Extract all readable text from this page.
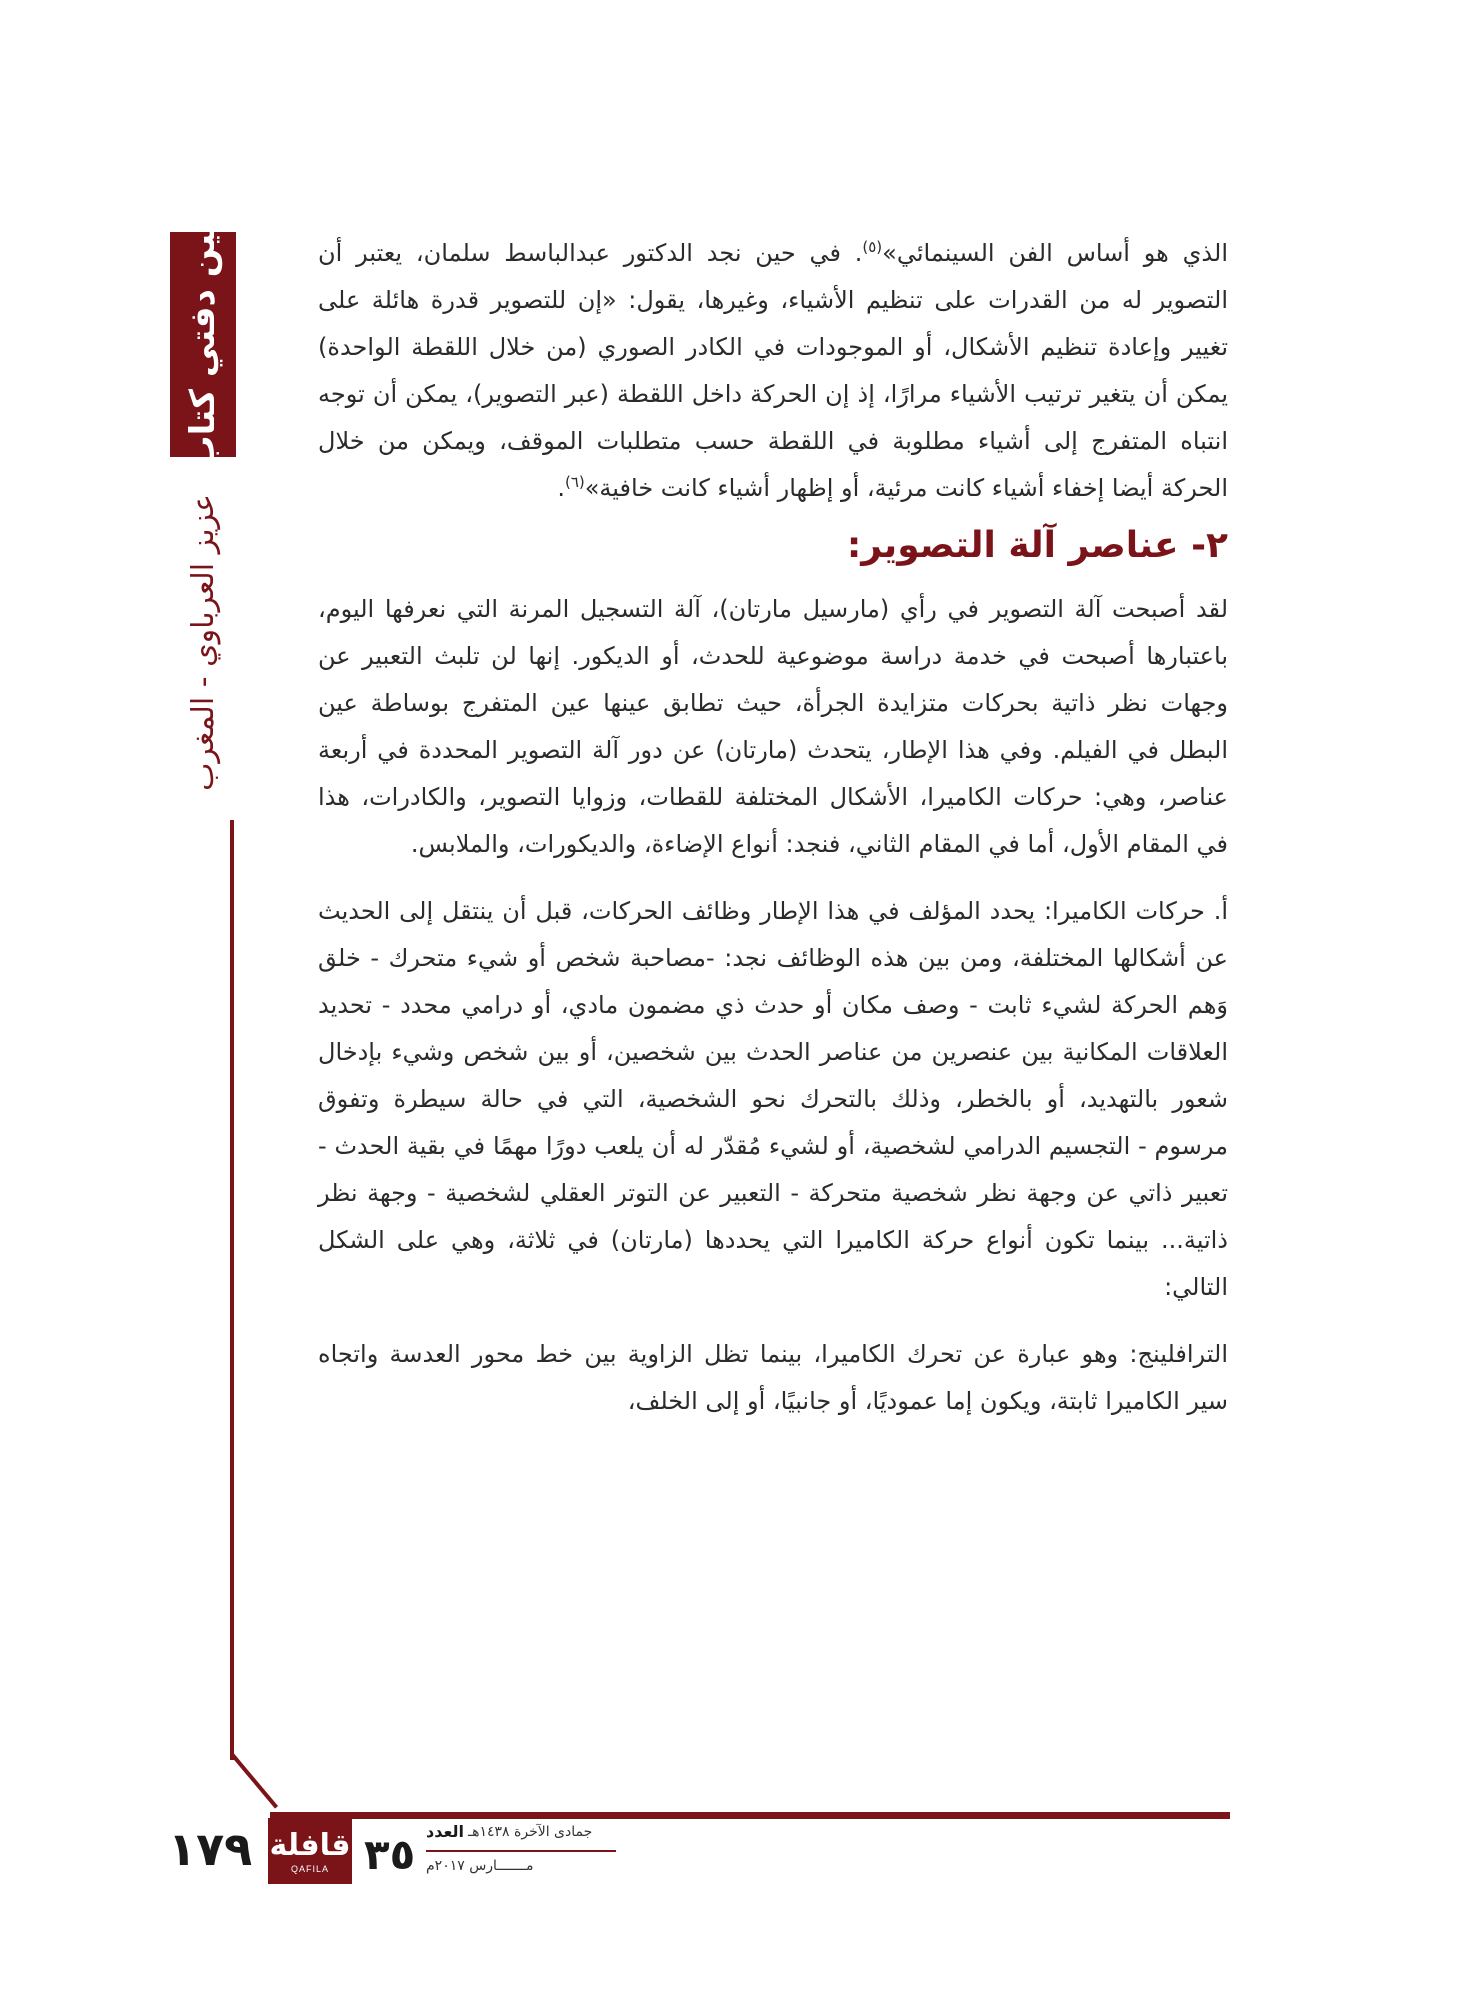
بين دفتي كتاب
عزيز العرباوي - المغرب

الذي هو أساس الفن السينمائي»$^{(٥)}$. في حين نجد الدكتور عبدالباسط سلمان، يعتبر أن التصوير له من القدرات على تنظيم الأشياء، وغيرها، يقول: «إن للتصوير قدرة هائلة على تغيير وإعادة تنظيم الأشكال، أو الموجودات في الكادر الصوري (من خلال اللقطة الواحدة) يمكن أن يتغير ترتيب الأشياء مرارًا، إذ إن الحركة داخل اللقطة (عبر التصوير)، يمكن أن توجه انتباه المتفرج إلى أشياء مطلوبة في اللقطة حسب متطلبات الموقف، ويمكن من خلال الحركة أيضا إخفاء أشياء كانت مرئية، أو إظهار أشياء كانت خافية»$^{(٦)}$.

٢- عناصر آلة التصوير:

لقد أصبحت آلة التصوير في رأي (مارسيل مارتان)، آلة التسجيل المرنة التي نعرفها اليوم، باعتبارها أصبحت في خدمة دراسة موضوعية للحدث، أو الديكور. إنها لن تلبث التعبير عن وجهات نظر ذاتية بحركات متزايدة الجرأة، حيث تطابق عينها عين المتفرج بوساطة عين البطل في الفيلم. وفي هذا الإطار، يتحدث (مارتان) عن دور آلة التصوير المحددة في أربعة عناصر، وهي: حركات الكاميرا، الأشكال المختلفة للقطات، وزوايا التصوير، والكادرات، هذا في المقام الأول، أما في المقام الثاني، فنجد: أنواع الإضاءة، والديكورات، والملابس.

أ. حركات الكاميرا: يحدد المؤلف في هذا الإطار وظائف الحركات، قبل أن ينتقل إلى الحديث عن أشكالها المختلفة، ومن بين هذه الوظائف نجد: -مصاحبة شخص أو شيء متحرك - خلق وَهم الحركة لشيء ثابت - وصف مكان أو حدث ذي مضمون مادي، أو درامي محدد - تحديد العلاقات المكانية بين عنصرين من عناصر الحدث بين شخصين، أو بين شخص وشيء بإدخال شعور بالتهديد، أو بالخطر، وذلك بالتحرك نحو الشخصية، التي في حالة سيطرة وتفوق مرسوم - التجسيم الدرامي لشخصية، أو لشيء مُقدّر له أن يلعب دورًا مهمًا في بقية الحدث - تعبير ذاتي عن وجهة نظر شخصية متحركة - التعبير عن التوتر العقلي لشخصية - وجهة نظر ذاتية... بينما تكون أنواع حركة الكاميرا التي يحددها (مارتان) في ثلاثة، وهي على الشكل التالي:

الترافلينج: وهو عبارة عن تحرك الكاميرا، بينما تظل الزاوية بين خط محور العدسة واتجاه سير الكاميرا ثابتة، ويكون إما عموديًا، أو جانبيًا، أو إلى الخلف،

١٧٩ قافلة
QAFILA ٣٥ العدد جمادى الآخرة ١٤٣٨هـ
مـــــــارس ٢٠١٧م
